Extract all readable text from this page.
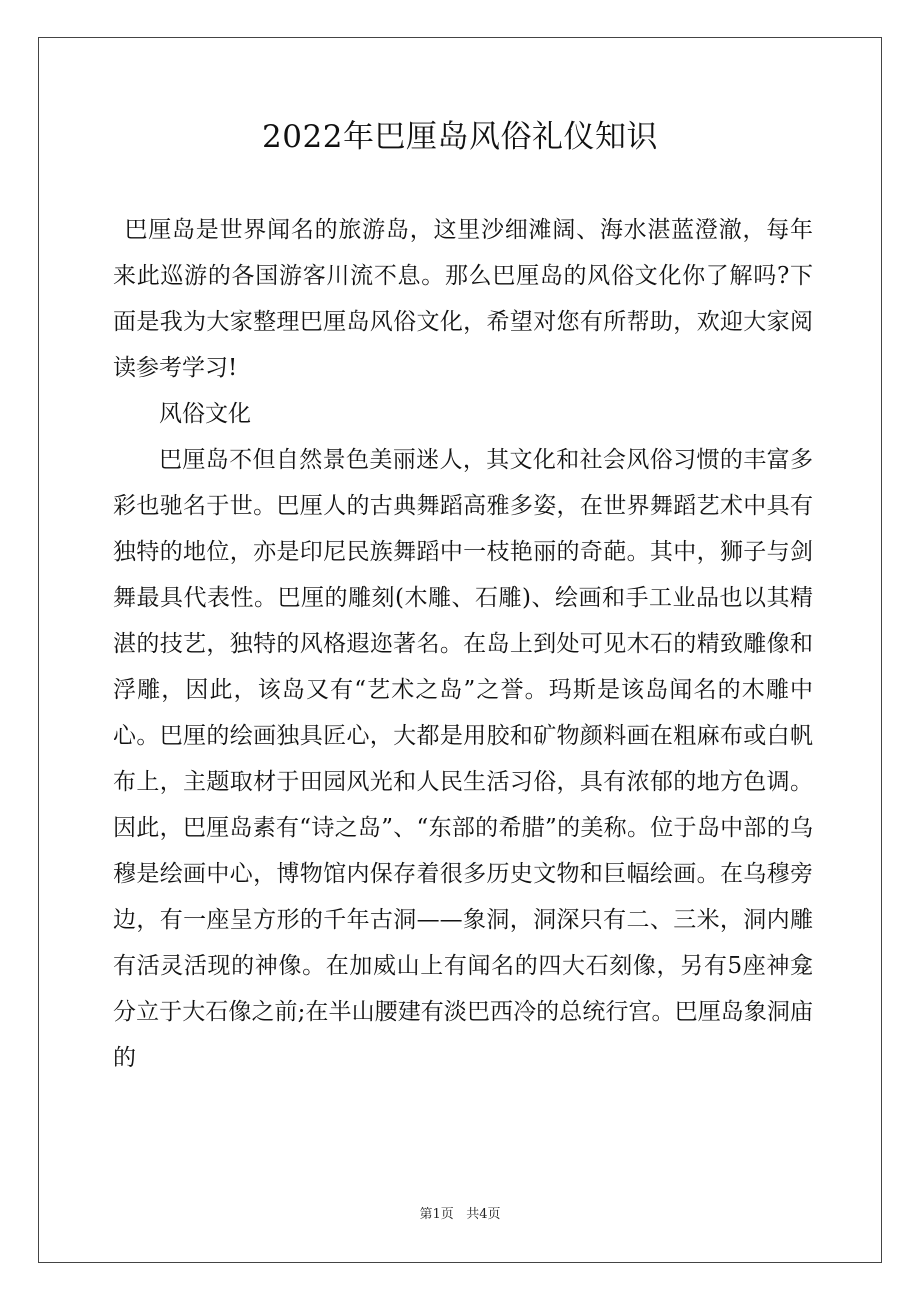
2022年巴厘岛风俗礼仪知识

巴厘岛是世界闻名的旅游岛，这里沙细滩阔、海水湛蓝澄澈，每年来此巡游的各国游客川流不息。那么巴厘岛的风俗文化你了解吗?下面是我为大家整理巴厘岛风俗文化，希望对您有所帮助，欢迎大家阅读参考学习!

风俗文化

巴厘岛不但自然景色美丽迷人，其文化和社会风俗习惯的丰富多彩也驰名于世。巴厘人的古典舞蹈高雅多姿，在世界舞蹈艺术中具有独特的地位，亦是印尼民族舞蹈中一枝艳丽的奇葩。其中，狮子与剑舞最具代表性。巴厘的雕刻(木雕、石雕)、绘画和手工业品也以其精湛的技艺，独特的风格遐迩著名。在岛上到处可见木石的精致雕像和浮雕，因此，该岛又有“艺术之岛”之誉。玛斯是该岛闻名的木雕中心。巴厘的绘画独具匠心，大都是用胶和矿物颜料画在粗麻布或白帆布上，主题取材于田园风光和人民生活习俗，具有浓郁的地方色调。因此，巴厘岛素有“诗之岛”、“东部的希腊”的美称。位于岛中部的乌穆是绘画中心，博物馆内保存着很多历史文物和巨幅绘画。在乌穆旁边，有一座呈方形的千年古洞——象洞，洞深只有二、三米，洞内雕有活灵活现的神像。在加威山上有闻名的四大石刻像，另有5座神龛分立于大石像之前;在半山腰建有淡巴西冷的总统行宫。巴厘岛象洞庙的

第1页 共4页
